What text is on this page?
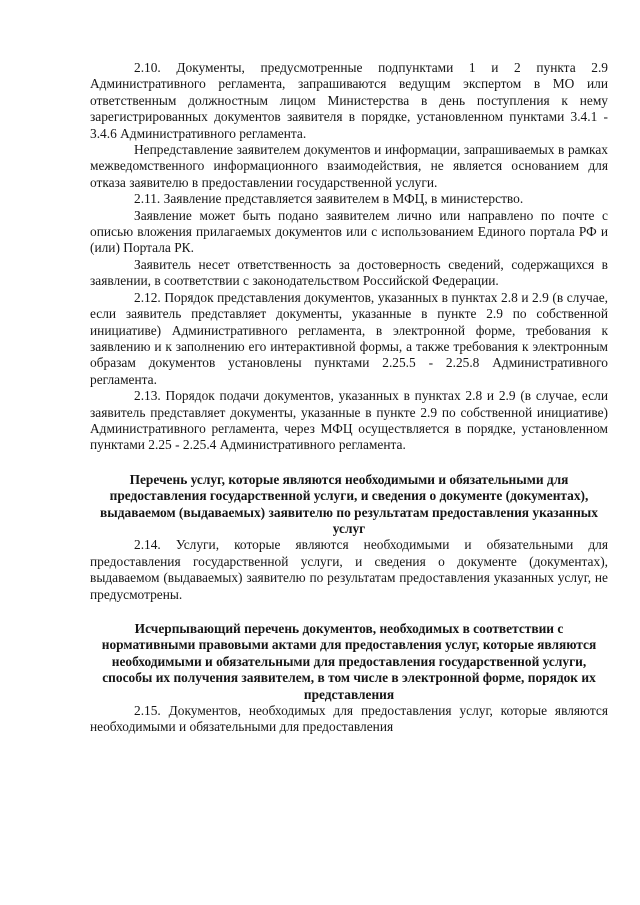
2.10. Документы, предусмотренные подпунктами 1 и 2 пункта 2.9 Административного регламента, запрашиваются ведущим экспертом в МО или ответственным должностным лицом Министерства в день поступления к нему зарегистрированных документов заявителя в порядке, установленном пунктами 3.4.1 - 3.4.6 Административного регламента.

Непредставление заявителем документов и информации, запрашиваемых в рамках межведомственного информационного взаимодействия, не является основанием для отказа заявителю в предоставлении государственной услуги.

2.11. Заявление представляется заявителем в МФЦ, в министерство.

Заявление может быть подано заявителем лично или направлено по почте с описью вложения прилагаемых документов или с использованием Единого портала РФ и (или) Портала РК.

Заявитель несет ответственность за достоверность сведений, содержащихся в заявлении, в соответствии с законодательством Российской Федерации.

2.12. Порядок представления документов, указанных в пунктах 2.8 и 2.9 (в случае, если заявитель представляет документы, указанные в пункте 2.9 по собственной инициативе) Административного регламента, в электронной форме, требования к заявлению и к заполнению его интерактивной формы, а также требования к электронным образам документов установлены пунктами 2.25.5 - 2.25.8 Административного регламента.

2.13. Порядок подачи документов, указанных в пунктах 2.8 и 2.9 (в случае, если заявитель представляет документы, указанные в пункте 2.9 по собственной инициативе) Административного регламента, через МФЦ осуществляется в порядке, установленном пунктами 2.25 - 2.25.4 Административного регламента.

Перечень услуг, которые являются необходимыми и обязательными для предоставления государственной услуги, и сведения о документе (документах), выдаваемом (выдаваемых) заявителю по результатам предоставления указанных услуг

2.14. Услуги, которые являются необходимыми и обязательными для предоставления государственной услуги, и сведения о документе (документах), выдаваемом (выдаваемых) заявителю по результатам предоставления указанных услуг, не предусмотрены.

Исчерпывающий перечень документов, необходимых в соответствии с нормативными правовыми актами для предоставления услуг, которые являются необходимыми и обязательными для предоставления государственной услуги, способы их получения заявителем, в том числе в электронной форме, порядок их представления

2.15. Документов, необходимых для предоставления услуг, которые являются необходимыми и обязательными для предоставления
